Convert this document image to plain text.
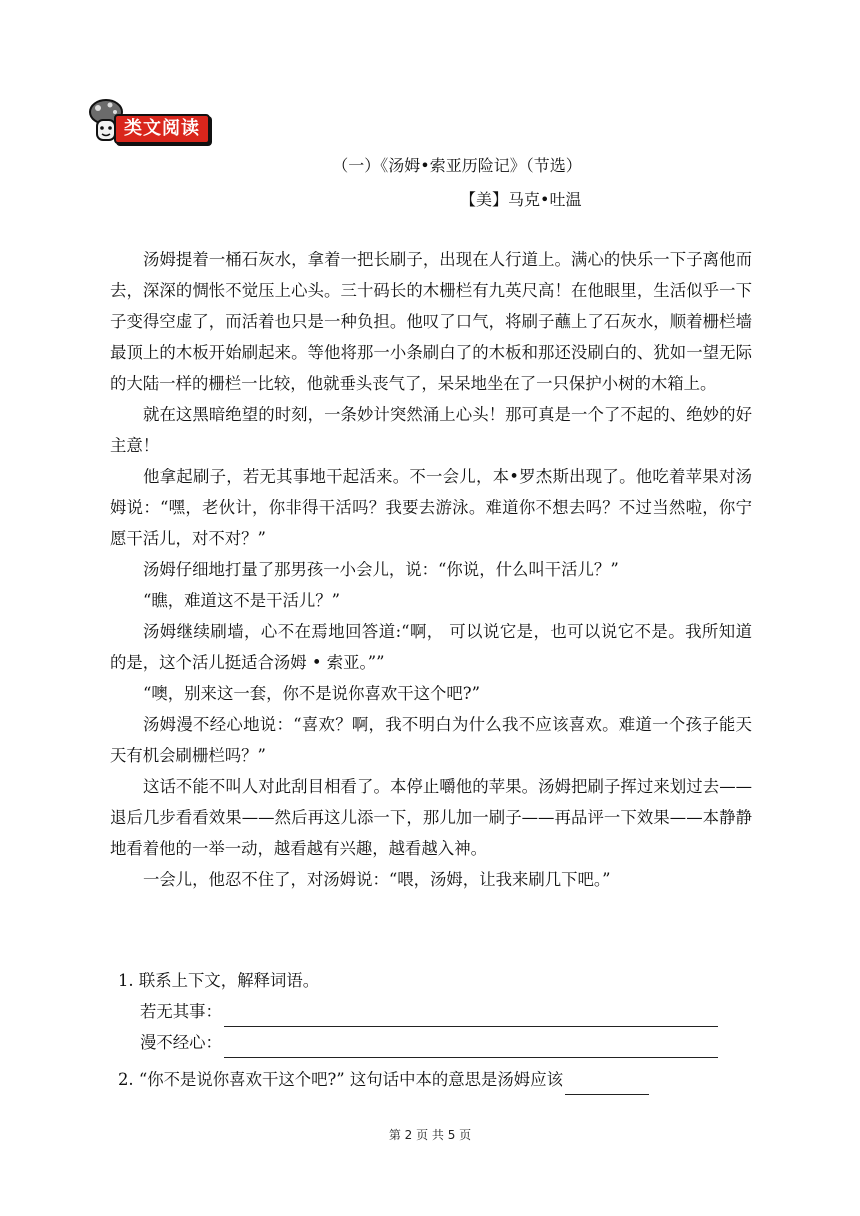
类文阅读
（一）《汤姆•索亚历险记》（节选）
【美】马克•吐温

汤姆提着一桶石灰水，拿着一把长刷子，出现在人行道上。满心的快乐一下子离他而去，深深的惆怅不觉压上心头。三十码长的木栅栏有九英尺高！在他眼里，生活似乎一下子变得空虚了，而活着也只是一种负担。他叹了口气，将刷子蘸上了石灰水，顺着栅栏墙最顶上的木板开始刷起来。等他将那一小条刷白了的木板和那还没刷白的、犹如一望无际的大陆一样的栅栏一比较，他就垂头丧气了，呆呆地坐在了一只保护小树的木箱上。

就在这黑暗绝望的时刻，一条妙计突然涌上心头！那可真是一个了不起的、绝妙的好主意！

他拿起刷子，若无其事地干起活来。不一会儿，本•罗杰斯出现了。他吃着苹果对汤姆说：“嘿，老伙计，你非得干活吗？我要去游泳。难道你不想去吗？不过当然啦，你宁愿干活儿，对不对？”

汤姆仔细地打量了那男孩一小会儿，说：“你说，什么叫干活儿？”

“瞧，难道这不是干活儿？”

汤姆继续刷墙，心不在焉地回答道:“啊， 可以说它是，也可以说它不是。我所知道的是，这个活儿挺适合汤姆 • 索亚。””

“噢，别来这一套，你不是说你喜欢干这个吧?”

汤姆漫不经心地说：“喜欢？啊，我不明白为什么我不应该喜欢。难道一个孩子能天天有机会刷栅栏吗？”

这话不能不叫人对此刮目相看了。本停止嚼他的苹果。汤姆把刷子挥过来划过去——退后几步看看效果——然后再这儿添一下，那儿加一刷子——再品评一下效果——本静静地看着他的一举一动，越看越有兴趣，越看越入神。

一会儿，他忍不住了，对汤姆说：“喂，汤姆，让我来刷几下吧。”

1. 联系上下文，解释词语。

若无其事：
漫不经心：
2. “你不是说你喜欢干这个吧?” 这句话中本的意思是汤姆应该
第 2 页 共 5 页
